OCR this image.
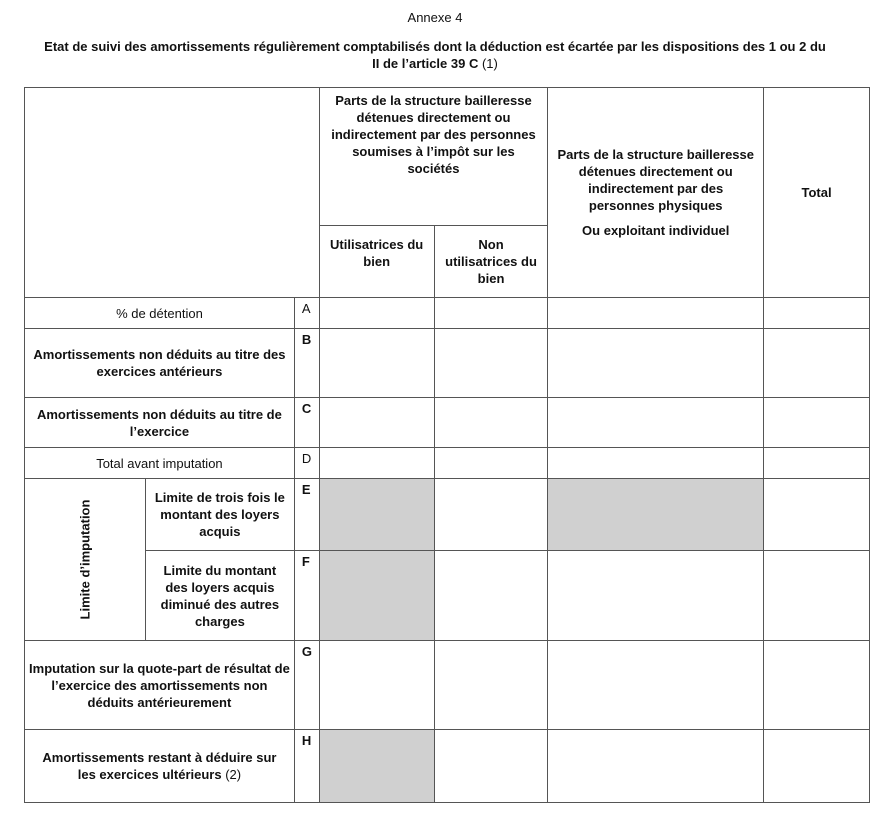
Annexe 4
Etat de suivi des amortissements régulièrement comptabilisés dont la déduction est écartée par les dispositions des 1 ou 2 du II de l’article 39 C (1)

			Parts de la structure bailleresse détenues directement ou indirectement par des personnes soumises à l’impôt sur les sociétés		Parts de la structure bailleresse détenues directement ou indirectement par des personnes physiques
Ou exploitant individuel	Total

			Utilisatrices du bien	Non utilisatrices du bien		

% de détention		A				

Amortissements non déduits au titre des exercices antérieurs		B				

Amortissements non déduits au titre de l’exercice		C				
Total avant imputation		D				
Limite d’imputation	Limite de trois fois le montant des loyers acquis	E				

	Limite du montant des loyers acquis diminué des autres charges	F				

Imputation sur la quote-part de résultat de l’exercice des amortissements non déduits antérieurement		G				

Amortissements restant à déduire sur les exercices ultérieurs (2)		H				
